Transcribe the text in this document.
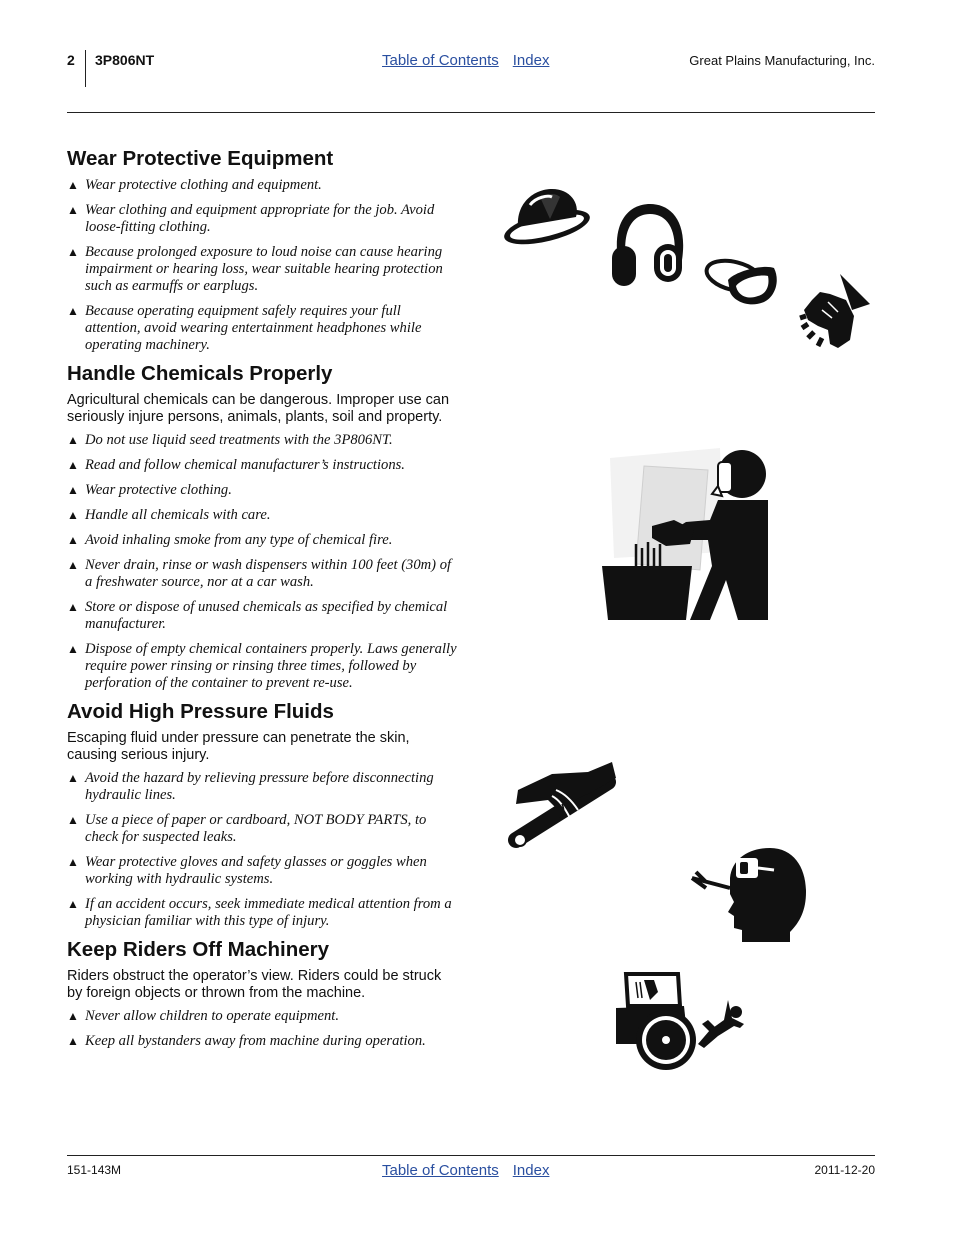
2 3P806NT	Table of Contents Index	Great Plains Manufacturing, Inc.
Wear Protective Equipment
▲ Wear protective clothing and equipment.
▲ Wear clothing and equipment appropriate for the job. Avoid loose-fitting clothing.
▲ Because prolonged exposure to loud noise can cause hearing impairment or hearing loss, wear suitable hearing protection such as earmuffs or earplugs.
▲ Because operating equipment safely requires your full attention, avoid wearing entertainment headphones while operating machinery.
Handle Chemicals Properly

Agricultural chemicals can be dangerous. Improper use can seriously injure persons, animals, plants, soil and property.

▲ Do not use liquid seed treatments with the 3P806NT.
▲ Read and follow chemical manufacturer’s instructions.
▲ Wear protective clothing.
▲ Handle all chemicals with care.
▲ Avoid inhaling smoke from any type of chemical fire.
▲ Never drain, rinse or wash dispensers within 100 feet (30m) of a freshwater source, nor at a car wash.
▲ Store or dispose of unused chemicals as specified by chemical manufacturer.
▲ Dispose of empty chemical containers properly. Laws generally require power rinsing or rinsing three times, followed by perforation of the container to prevent re-use.
Avoid High Pressure Fluids

Escaping fluid under pressure can penetrate the skin, causing serious injury.

▲ Avoid the hazard by relieving pressure before disconnecting hydraulic lines.
▲ Use a piece of paper or cardboard, NOT BODY PARTS, to check for suspected leaks.
▲ Wear protective gloves and safety glasses or goggles when working with hydraulic systems.
▲ If an accident occurs, seek immediate medical attention from a physician familiar with this type of injury.
Keep Riders Off Machinery

Riders obstruct the operator’s view. Riders could be struck by foreign objects or thrown from the machine.

▲ Never allow children to operate equipment.
▲ Keep all bystanders away from machine during operation.
151-143M	Table of Contents Index	2011-12-20
